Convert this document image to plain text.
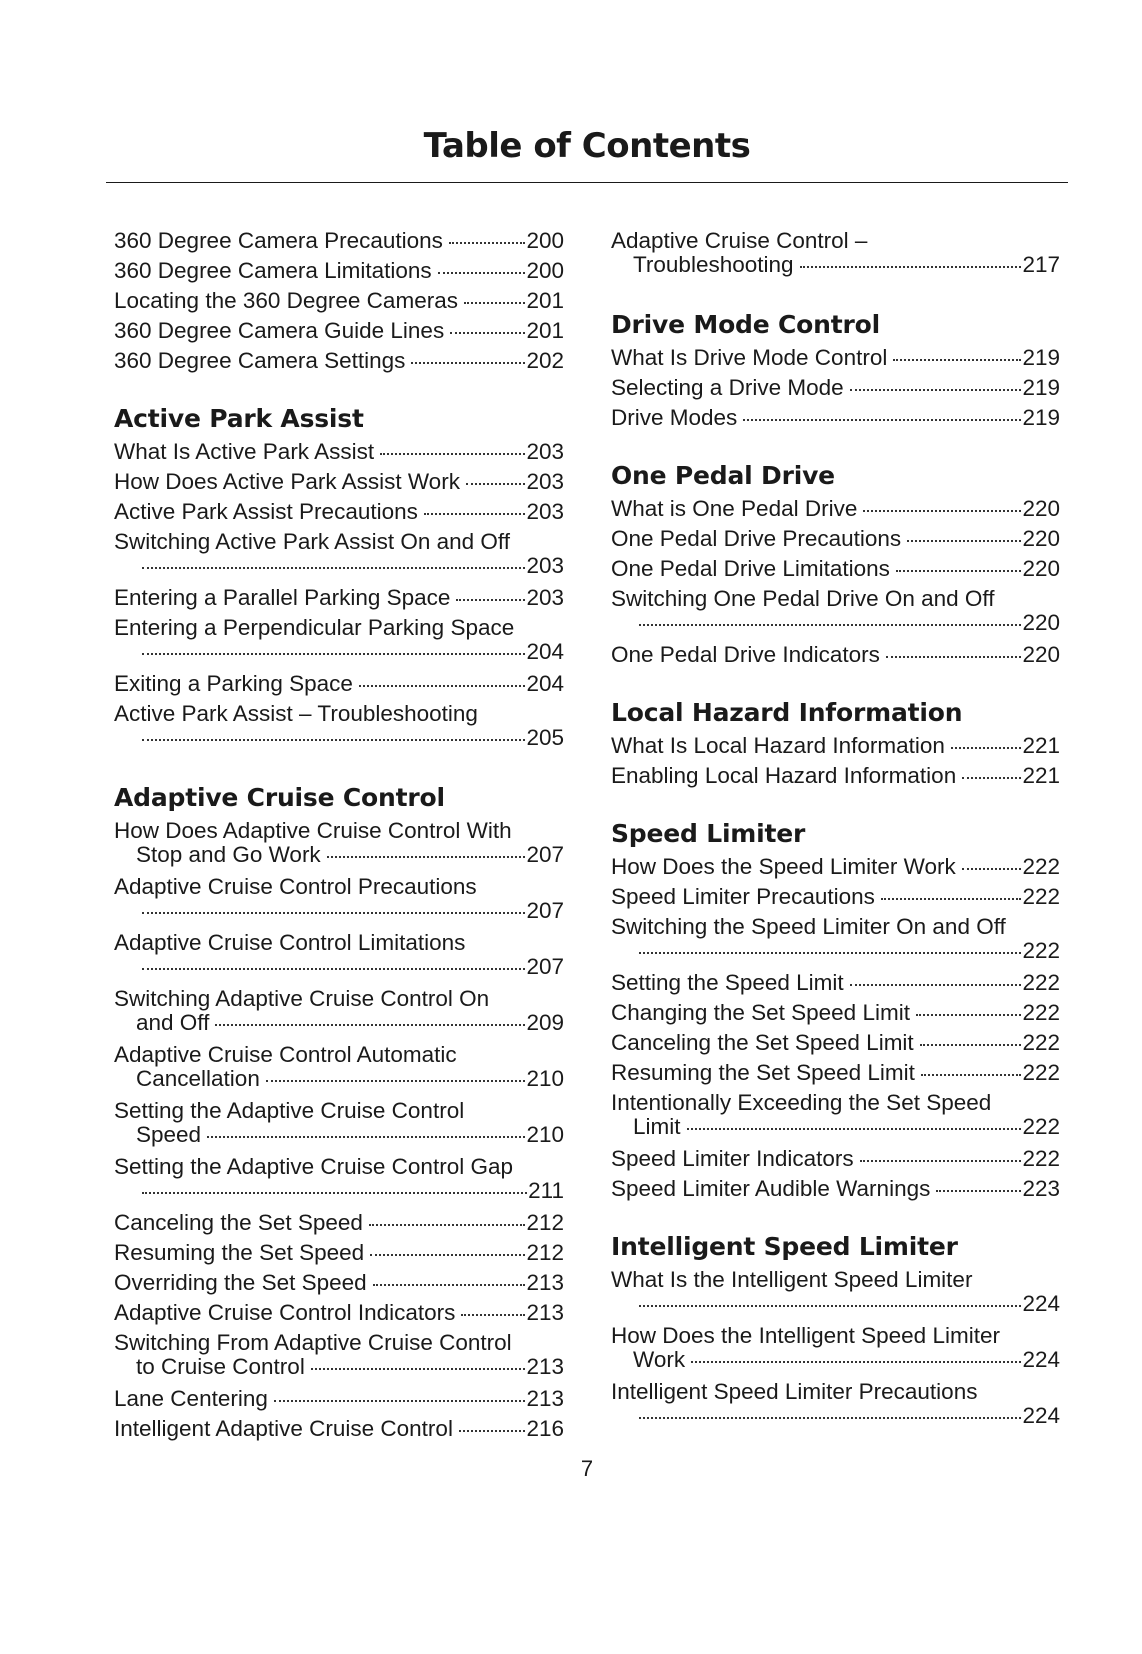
Table of Contents
360 Degree Camera Precautions	200
360 Degree Camera Limitations	200
Locating the 360 Degree Cameras	201
360 Degree Camera Guide Lines	201
360 Degree Camera Settings	202
Active Park Assist
What Is Active Park Assist	203
How Does Active Park Assist Work	203
Active Park Assist Precautions	203
Switching Active Park Assist On and Off
203
Entering a Parallel Parking Space	203
Entering a Perpendicular Parking Space
204
Exiting a Parking Space	204
Active Park Assist – Troubleshooting
205
Adaptive Cruise Control
How Does Adaptive Cruise Control With
Stop and Go Work	207
Adaptive Cruise Control Precautions
207
Adaptive Cruise Control Limitations
207
Switching Adaptive Cruise Control On
and Off	209
Adaptive Cruise Control Automatic
Cancellation	210
Setting the Adaptive Cruise Control
Speed	210
Setting the Adaptive Cruise Control Gap
211
Canceling the Set Speed	212
Resuming the Set Speed	212
Overriding the Set Speed	213
Adaptive Cruise Control Indicators	213
Switching From Adaptive Cruise Control
to Cruise Control	213
Lane Centering	213
Intelligent Adaptive Cruise Control	216
Adaptive Cruise Control –
Troubleshooting	217
Drive Mode Control
What Is Drive Mode Control	219
Selecting a Drive Mode	219
Drive Modes	219
One Pedal Drive
What is One Pedal Drive	220
One Pedal Drive Precautions	220
One Pedal Drive Limitations	220
Switching One Pedal Drive On and Off
220
One Pedal Drive Indicators	220
Local Hazard Information
What Is Local Hazard Information	221
Enabling Local Hazard Information	221
Speed Limiter
How Does the Speed Limiter Work	222
Speed Limiter Precautions	222
Switching the Speed Limiter On and Off
222
Setting the Speed Limit	222
Changing the Set Speed Limit	222
Canceling the Set Speed Limit	222
Resuming the Set Speed Limit	222
Intentionally Exceeding the Set Speed
Limit	222
Speed Limiter Indicators	222
Speed Limiter Audible Warnings	223
Intelligent Speed Limiter
What Is the Intelligent Speed Limiter
224
How Does the Intelligent Speed Limiter
Work	224
Intelligent Speed Limiter Precautions
224
7
